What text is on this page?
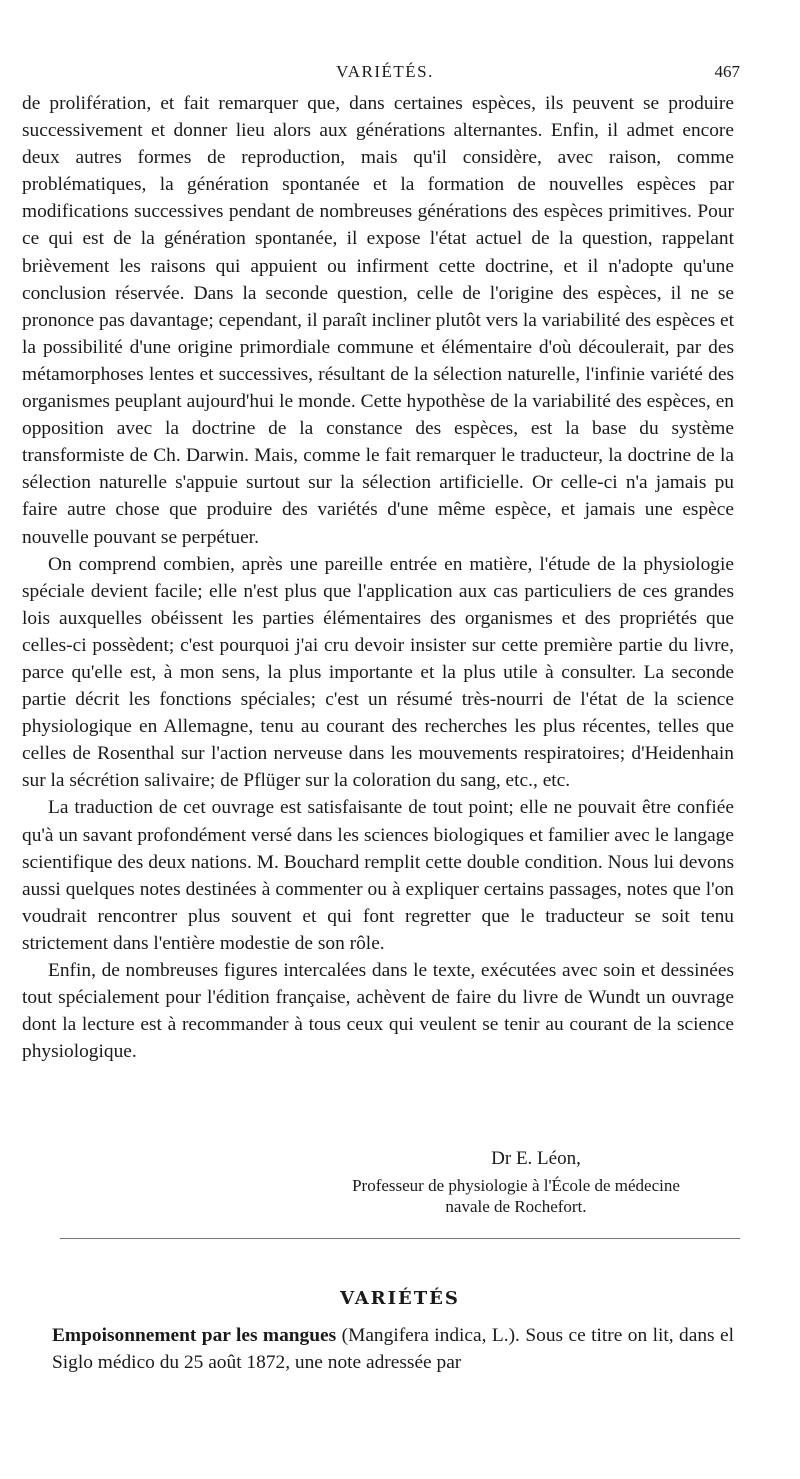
VARIÉTÉS.	467

de prolifération, et fait remarquer que, dans certaines espèces, ils peuvent se produire successivement et donner lieu alors aux générations alternantes. Enfin, il admet encore deux autres formes de reproduction, mais qu'il considère, avec raison, comme problématiques, la génération spontanée et la formation de nouvelles espèces par modifications successives pendant de nombreuses générations des espèces primitives. Pour ce qui est de la génération spontanée, il expose l'état actuel de la question, rappelant brièvement les raisons qui appuient ou infirment cette doctrine, et il n'adopte qu'une conclusion réservée. Dans la seconde question, celle de l'origine des espèces, il ne se prononce pas davantage; cependant, il paraît incliner plutôt vers la variabilité des espèces et la possibilité d'une origine primordiale commune et élémentaire d'où découlerait, par des métamorphoses lentes et successives, résultant de la sélection naturelle, l'infinie variété des organismes peuplant aujourd'hui le monde. Cette hypothèse de la variabilité des espèces, en opposition avec la doctrine de la constance des espèces, est la base du système transformiste de Ch. Darwin. Mais, comme le fait remarquer le traducteur, la doctrine de la sélection naturelle s'appuie surtout sur la sélection artificielle. Or celle-ci n'a jamais pu faire autre chose que produire des variétés d'une même espèce, et jamais une espèce nouvelle pouvant se perpétuer.

On comprend combien, après une pareille entrée en matière, l'étude de la physiologie spéciale devient facile; elle n'est plus que l'application aux cas particuliers de ces grandes lois auxquelles obéissent les parties élémentaires des organismes et des propriétés que celles-ci possèdent; c'est pourquoi j'ai cru devoir insister sur cette première partie du livre, parce qu'elle est, à mon sens, la plus importante et la plus utile à consulter. La seconde partie décrit les fonctions spéciales; c'est un résumé très-nourri de l'état de la science physiologique en Allemagne, tenu au courant des recherches les plus récentes, telles que celles de Rosenthal sur l'action nerveuse dans les mouvements respiratoires; d'Heidenhain sur la sécrétion salivaire; de Pflüger sur la coloration du sang, etc., etc.

La traduction de cet ouvrage est satisfaisante de tout point; elle ne pouvait être confiée qu'à un savant profondément versé dans les sciences biologiques et familier avec le langage scientifique des deux nations. M. Bouchard remplit cette double condition. Nous lui devons aussi quelques notes destinées à commenter ou à expliquer certains passages, notes que l'on voudrait rencontrer plus souvent et qui font regretter que le traducteur se soit tenu strictement dans l'entière modestie de son rôle.

Enfin, de nombreuses figures intercalées dans le texte, exécutées avec soin et dessinées tout spécialement pour l'édition française, achèvent de faire du livre de Wundt un ouvrage dont la lecture est à recommander à tous ceux qui veulent se tenir au courant de la science physiologique.

Dr E. Léon,
Professeur de physiologie à l'École de médecine
navale de Rochefort.
VARIÉTÉS
Empoisonnement par les mangues (Mangifera indica, L.). Sous ce titre on lit, dans el Siglo médico du 25 août 1872, une note adressée par
